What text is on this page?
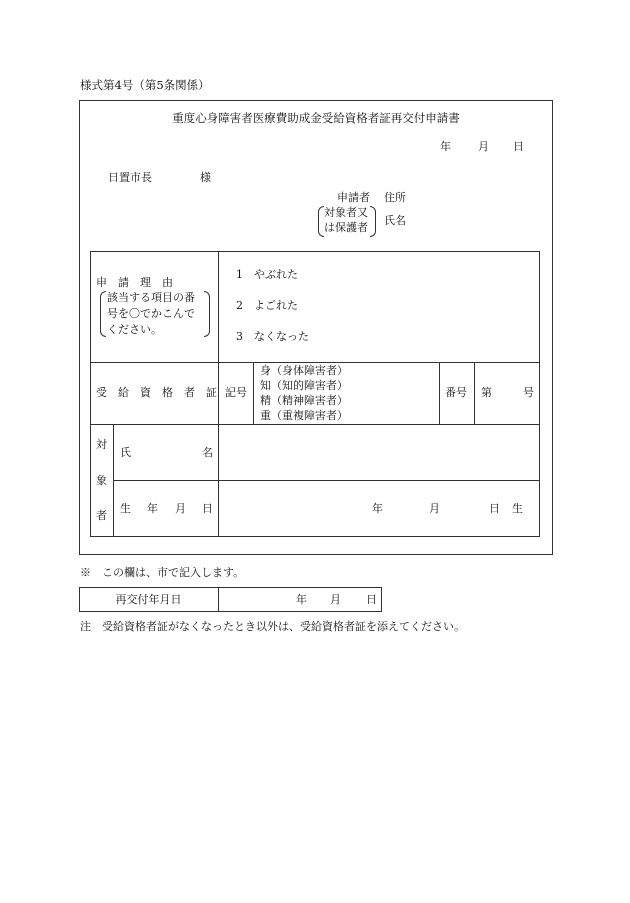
様式第4号（第5条関係）
重度心身障害者医療費助成金受給資格者証再交付申請書
年 月 日
日置市長	様
申請者 住所
対象者又
は保護者
氏名
申　請　理　由
該当する項目の番
号を〇でかこんで
ください。
1 やぶれた
2 よごれた
3 なくなった
受　給　資　格　者　証 記号
身（身体障害者）
知（知的障害者）
精（精神障害者）
重（重複障害者）
番号 第	号
対
象
者
氏	名
生 年 月 日	年	月	日 生
※　この欄は、市で記入します。
再交付年月日	年 月 日
注　受給資格者証がなくなったとき以外は、受給資格者証を添えてください。
